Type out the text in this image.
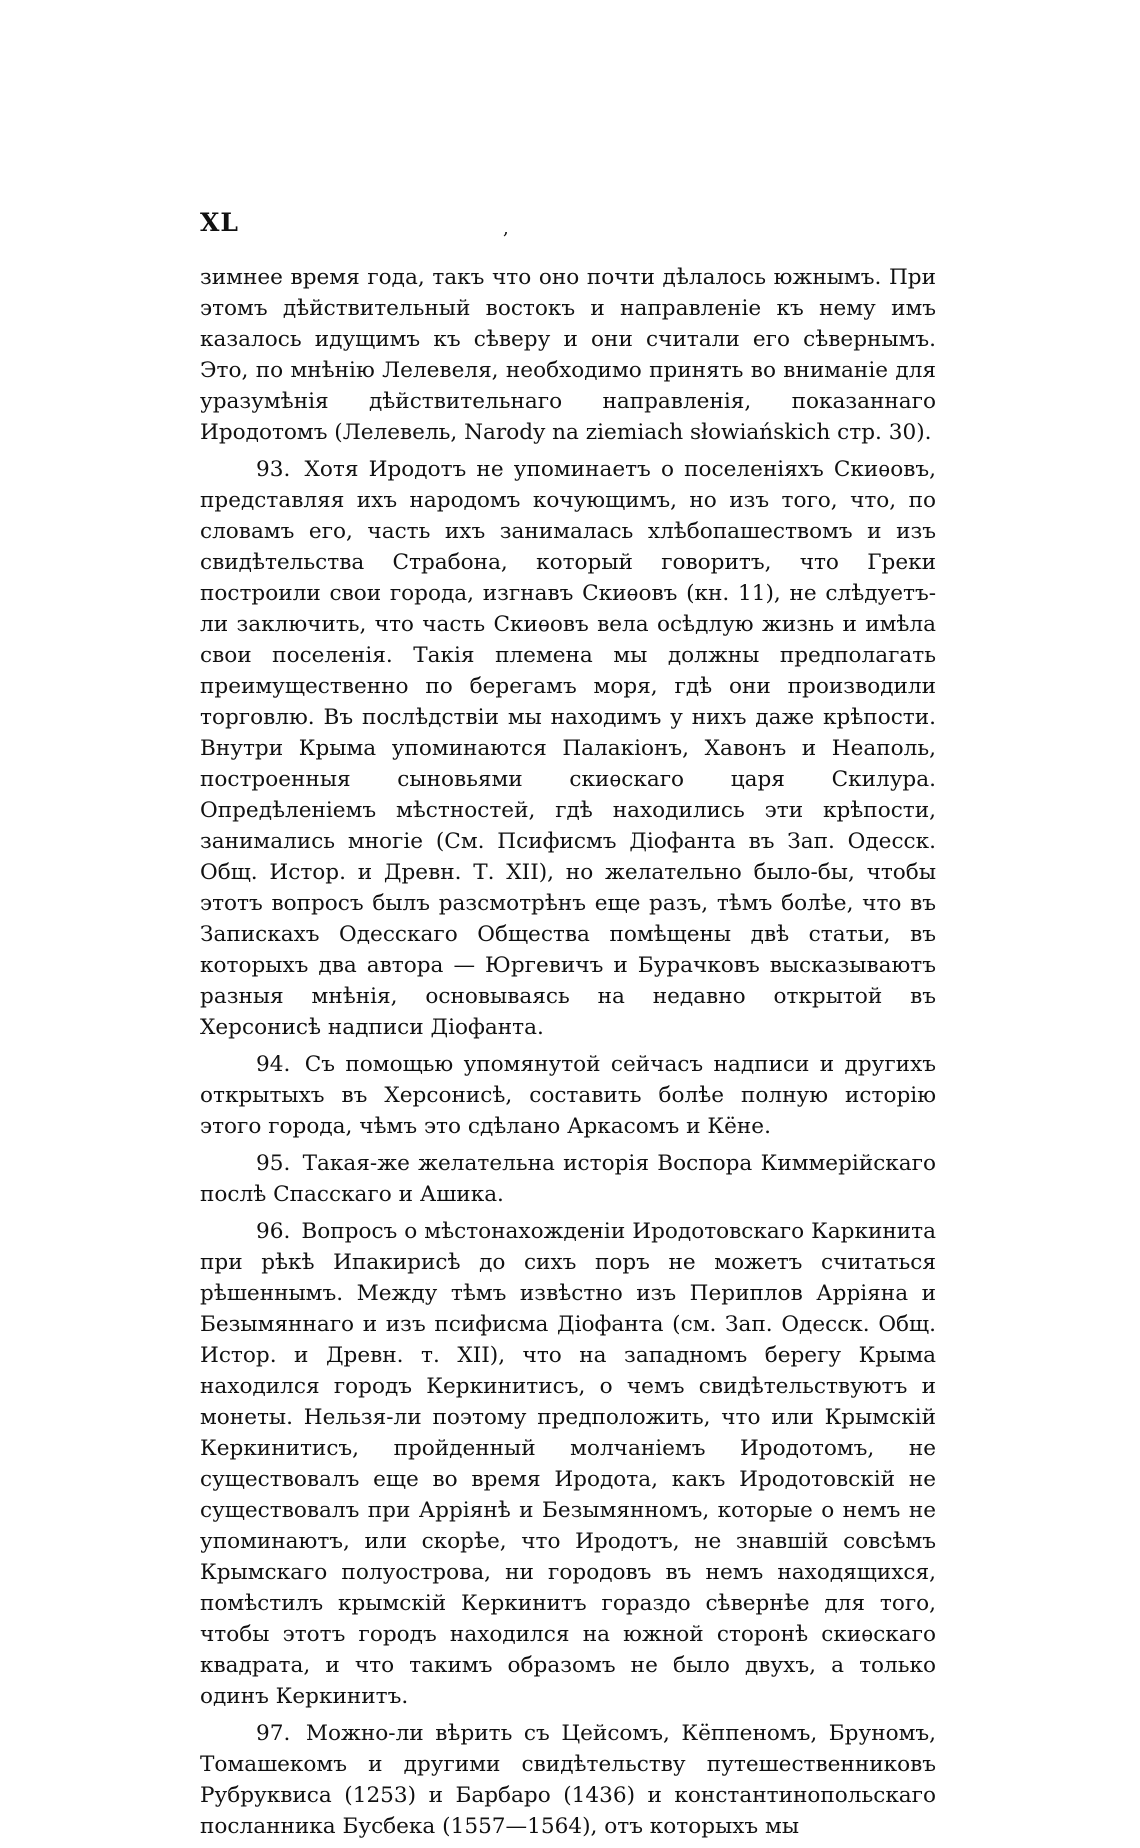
XL	,

зимнее время года, такъ что оно почти дѣлалось южнымъ. При этомъ дѣйствительный востокъ и направленіе къ нему имъ казалось идущимъ къ сѣверу и они считали его сѣвернымъ. Это, по мнѣнію Лелевеля, необходимо принять во вниманіе для уразумѣнія дѣйствительнаго направленія, показаннаго Иродотомъ (Лелевель, Narody na ziemiach słowiańskich стр. 30).

93. Хотя Иродотъ не упоминаетъ о поселеніяхъ Скиѳовъ, представляя ихъ народомъ кочующимъ, но изъ того, что, по словамъ его, часть ихъ занималась хлѣбопашествомъ и изъ свидѣтельства Страбона, который говоритъ, что Греки построили свои города, изгнавъ Скиѳовъ (кн. 11), не слѣдуетъ-ли заключить, что часть Скиѳовъ вела осѣдлую жизнь и имѣла свои поселенія. Такія племена мы должны предполагать преимущественно по берегамъ моря, гдѣ они производили торговлю. Въ послѣдствіи мы находимъ у нихъ даже крѣпости. Внутри Крыма упоминаются Палакіонъ, Хавонъ и Неаполь, построенныя сыновьями скиѳскаго царя Скилура. Опредѣленіемъ мѣстностей, гдѣ находились эти крѣпости, занимались многіе (См. Псифисмъ Діофанта въ Зап. Одесск. Общ. Истор. и Древн. Т. XII), но желательно было-бы, чтобы этотъ вопросъ былъ разсмотрѣнъ еще разъ, тѣмъ болѣе, что въ Запискахъ Одесскаго Общества помѣщены двѣ статьи, въ которыхъ два автора — Юргевичъ и Бурачковъ высказываютъ разныя мнѣнія, основываясь на недавно открытой въ Херсонисѣ надписи Діофанта.

94. Съ помощью упомянутой сейчасъ надписи и другихъ открытыхъ въ Херсонисѣ, составить болѣе полную исторію этого города, чѣмъ это сдѣлано Аркасомъ и Кёне.

95. Такая-же желательна исторія Воспора Киммерійскаго послѣ Спасскаго и Ашика.

96. Вопросъ о мѣстонахожденіи Иродотовскаго Каркинита при рѣкѣ Ипакирисѣ до сихъ поръ не можетъ считаться рѣшеннымъ. Между тѣмъ извѣстно изъ Периплов Арріяна и Безымяннаго и изъ псифисма Діофанта (см. Зап. Одесск. Общ. Истор. и Древн. т. XII), что на западномъ берегу Крыма находился городъ Керкинитисъ, о чемъ свидѣтельствуютъ и монеты. Нельзя-ли поэтому предположить, что или Крымскій Керкинитисъ, пройденный молчаніемъ Иродотомъ, не существовалъ еще во время Иродота, какъ Иродотовскій не существовалъ при Арріянѣ и Безымянномъ, которые о немъ не упоминаютъ, или скорѣе, что Иродотъ, не знавшій совсѣмъ Крымскаго полуострова, ни городовъ въ немъ находящихся, помѣстилъ крымскій Керкинитъ гораздо сѣвернѣе для того, чтобы этотъ городъ находился на южной сторонѣ скиѳскаго квадрата, и что такимъ образомъ не было двухъ, а только одинъ Керкинитъ.

97. Можно-ли вѣрить съ Цейсомъ, Кёппеномъ, Бруномъ, Томашекомъ и другими свидѣтельству путешественниковъ Рубруквиса (1253) и Барбаро (1436) и константинопольскаго посланника Бусбека (1557—1564), отъ которыхъ мы
